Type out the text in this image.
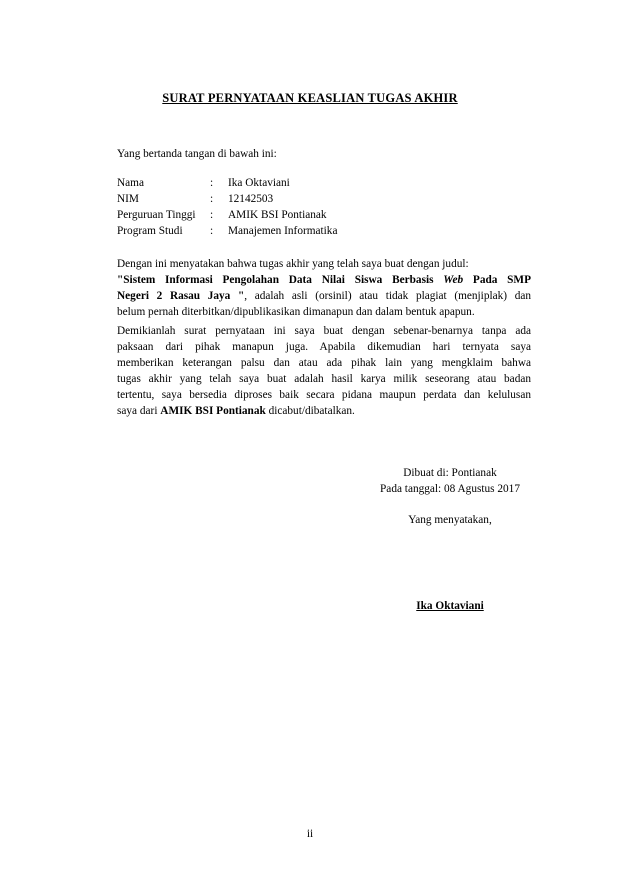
SURAT PERNYATAAN KEASLIAN TUGAS AKHIR
Yang bertanda tangan di bawah ini:
Nama	:	Ika Oktaviani
NIM	:	12142503
Perguruan Tinggi	:	AMIK BSI Pontianak
Program Studi	:	Manajemen Informatika
Dengan ini menyatakan bahwa tugas akhir yang telah saya buat dengan judul:
"Sistem Informasi Pengolahan Data Nilai Siswa Berbasis Web Pada SMP
Negeri 2 Rasau Jaya ", adalah asli (orsinil) atau tidak plagiat (menjiplak) dan
belum pernah diterbitkan/dipublikasikan dimanapun dan dalam bentuk apapun.
Demikianlah surat pernyataan ini saya buat dengan sebenar-benarnya tanpa ada
paksaan dari pihak manapun juga. Apabila dikemudian hari ternyata saya
memberikan keterangan palsu dan atau ada pihak lain yang mengklaim bahwa
tugas akhir yang telah saya buat adalah hasil karya milik seseorang atau badan
tertentu, saya bersedia diproses baik secara pidana maupun perdata dan kelulusan
saya dari AMIK BSI Pontianak dicabut/dibatalkan.
Dibuat di: Pontianak
Pada tanggal: 08 Agustus 2017
Yang menyatakan,
Ika Oktaviani
ii
